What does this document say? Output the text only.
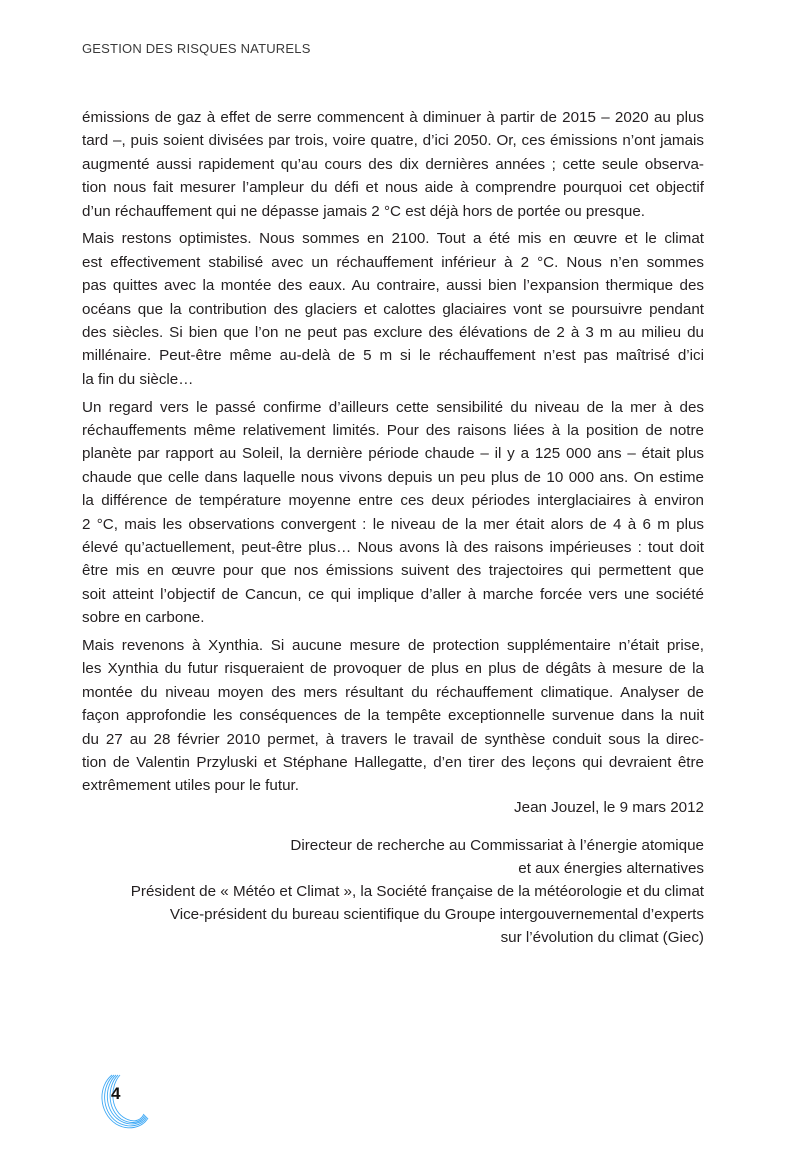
GESTION DES RISQUES NATURELS
émissions de gaz à effet de serre commencent à diminuer à partir de 2015 – 2020 au plus
tard –, puis soient divisées par trois, voire quatre, d’ici 2050. Or, ces émissions n’ont jamais
augmenté aussi rapidement qu’au cours des dix dernières années ; cette seule observa-
tion nous fait mesurer l’ampleur du défi et nous aide à comprendre pourquoi cet objectif
d’un réchauffement qui ne dépasse jamais 2 °C est déjà hors de portée ou presque.
Mais restons optimistes. Nous sommes en 2100. Tout a été mis en œuvre et le climat
est effectivement stabilisé avec un réchauffement inférieur à 2 °C. Nous n’en sommes
pas quittes avec la montée des eaux. Au contraire, aussi bien l’expansion thermique des
océans que la contribution des glaciers et calottes glaciaires vont se poursuivre pendant
des siècles. Si bien que l’on ne peut pas exclure des élévations de 2 à 3 m au milieu du
millénaire. Peut-être même au-delà de 5 m si le réchauffement n’est pas maîtrisé d’ici
la fin du siècle…
Un regard vers le passé confirme d’ailleurs cette sensibilité du niveau de la mer à des
réchauffements même relativement limités. Pour des raisons liées à la position de notre
planète par rapport au Soleil, la dernière période chaude – il y a 125 000 ans – était plus
chaude que celle dans laquelle nous vivons depuis un peu plus de 10 000 ans. On estime
la différence de température moyenne entre ces deux périodes interglaciaires à environ
2 °C, mais les observations convergent : le niveau de la mer était alors de 4 à 6 m plus
élevé qu’actuellement, peut-être plus… Nous avons là des raisons impérieuses : tout doit
être mis en œuvre pour que nos émissions suivent des trajectoires qui permettent que
soit atteint l’objectif de Cancun, ce qui implique d’aller à marche forcée vers une société
sobre en carbone.
Mais revenons à Xynthia. Si aucune mesure de protection supplémentaire n’était prise,
les Xynthia du futur risqueraient de provoquer de plus en plus de dégâts à mesure de la
montée du niveau moyen des mers résultant du réchauffement climatique. Analyser de
façon approfondie les conséquences de la tempête exceptionnelle survenue dans la nuit
du 27 au 28 février 2010 permet, à travers le travail de synthèse conduit sous la direc-
tion de Valentin Przyluski et Stéphane Hallegatte, d’en tirer des leçons qui devraient être
extrêmement utiles pour le futur.
Jean Jouzel, le 9 mars 2012
Directeur de recherche au Commissariat à l’énergie atomique
et aux énergies alternatives
Président de « Météo et Climat », la Société française de la météorologie et du climat
Vice-président du bureau scientifique du Groupe intergouvernemental d’experts
sur l’évolution du climat (Giec)
4
